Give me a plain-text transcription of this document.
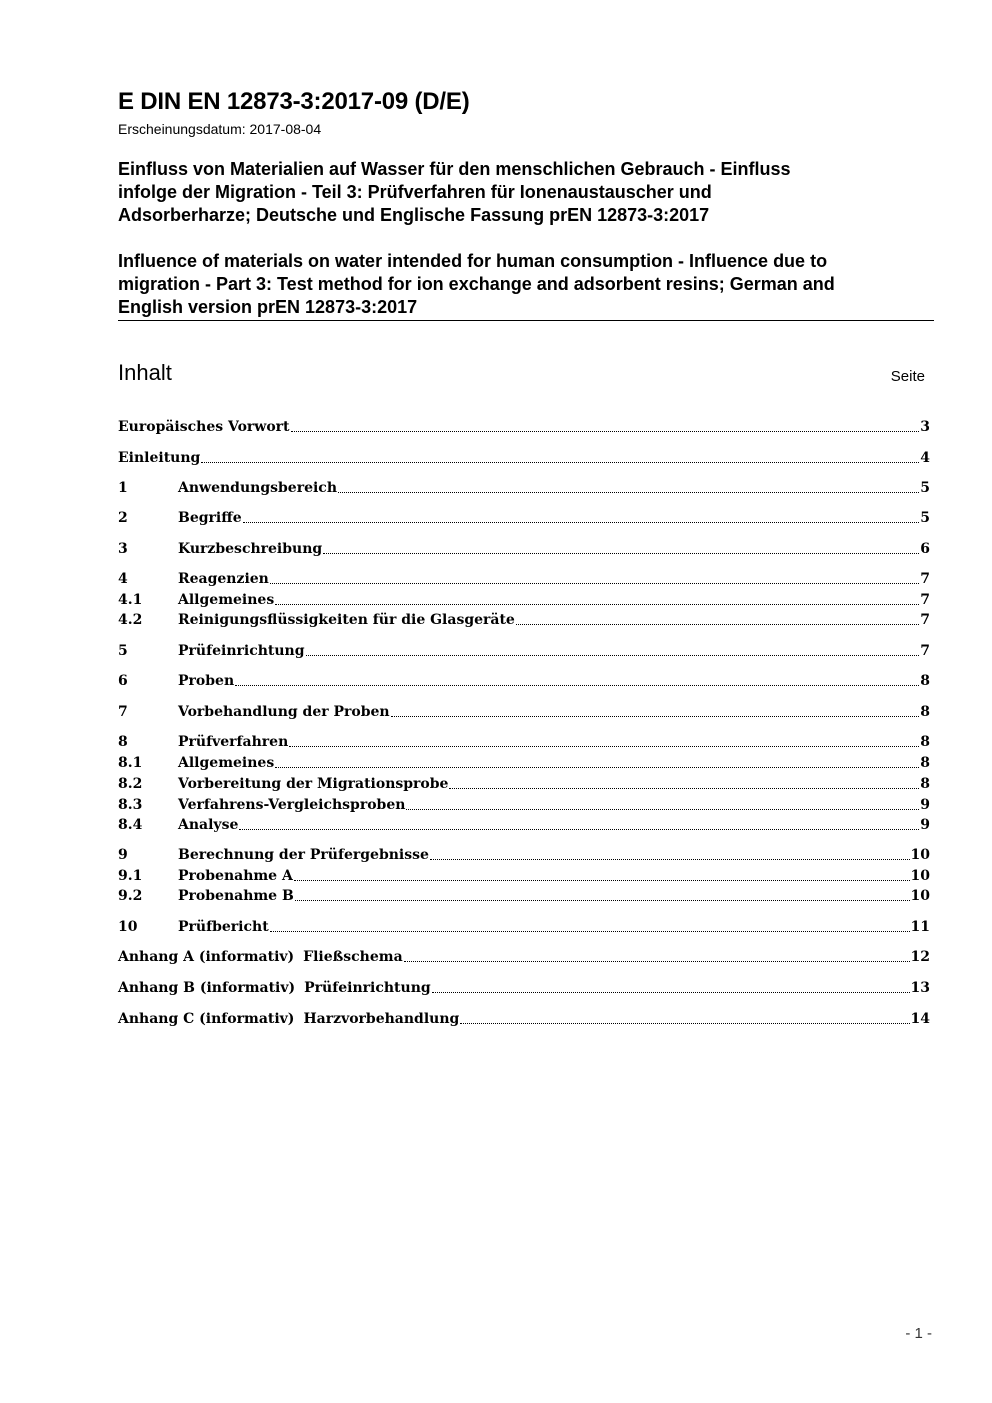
E DIN EN 12873-3:2017-09 (D/E)
Erscheinungsdatum: 2017-08-04
Einfluss von Materialien auf Wasser für den menschlichen Gebrauch - Einfluss
infolge der Migration - Teil 3: Prüfverfahren für Ionenaustauscher und
Adsorberharze; Deutsche und Englische Fassung prEN 12873-3:2017
Influence of materials on water intended for human consumption - Influence due to
migration - Part 3: Test method for ion exchange and adsorbent resins; German and
English version prEN 12873-3:2017
Inhalt	Seite
Europäisches Vorwort	3
Einleitung	4
1	Anwendungsbereich	5
2	Begriffe	5
3	Kurzbeschreibung	6
4	Reagenzien	7
4.1	Allgemeines	7
4.2	Reinigungsflüssigkeiten für die Glasgeräte	7
5	Prüfeinrichtung	7
6	Proben	8
7	Vorbehandlung der Proben	8
8	Prüfverfahren	8
8.1	Allgemeines	8
8.2	Vorbereitung der Migrationsprobe	8
8.3	Verfahrens-Vergleichsproben	9
8.4	Analyse	9
9	Berechnung der Prüfergebnisse	10
9.1	Probenahme A	10
9.2	Probenahme B	10
10	Prüfbericht	11
Anhang A (informativ) Fließschema	12
Anhang B (informativ) Prüfeinrichtung	13
Anhang C (informativ) Harzvorbehandlung	14
- 1 -
